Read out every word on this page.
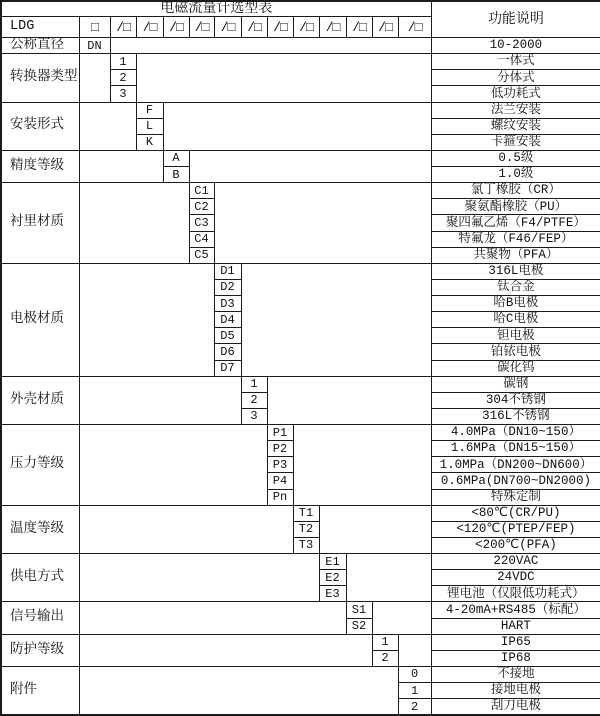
电磁流量计选型表														功能说明
LDG	□	/□	/□	/□	/□	/□	/□	/□	/□	/□	/□	/□	/□	
公称直径	DN													10-2000
转换器类型		1												一体式
		2												分体式
		3												低功耗式
安装形式			F											法兰安装
			L											螺纹安装
			K											卡箍安装
精度等级				A										0.5级
				B										1.0级
衬里材质					C1									氯丁橡胶（CR）
					C2									聚氨酯橡胶（PU）
					C3									聚四氟乙烯（F4/PTFE）
					C4									特氟龙（F46/FEP）
					C5									共聚物（PFA）
电极材质						D1								316L电极
						D2								钛合金
						D3								哈B电极
						D4								哈C电极
						D5								钽电极
						D6								铂铱电极
						D7								碳化钨
外壳材质							1							碳钢
							2							304不锈钢
							3							316L不锈钢
压力等级								P1						4.0MPa（DN10~150）
								P2						1.6MPa（DN15~150）
								P3						1.0MPa（DN200~DN600）
								P4						0.6MPa(DN700~DN2000)
								Pn						特殊定制
温度等级									T1					<80℃(CR/PU)
									T2					<120℃(PTEP/FEP)
									T3					<200℃(PFA)
供电方式										E1				220VAC
										E2				24VDC
										E3				锂电池（仅限低功耗式）
信号输出											S1			4-20mA+RS485（标配）
											S2			HART
防护等级												1		IP65
												2		IP68
附件													0	不接地
													1	接地电极
													2	刮刀电极
